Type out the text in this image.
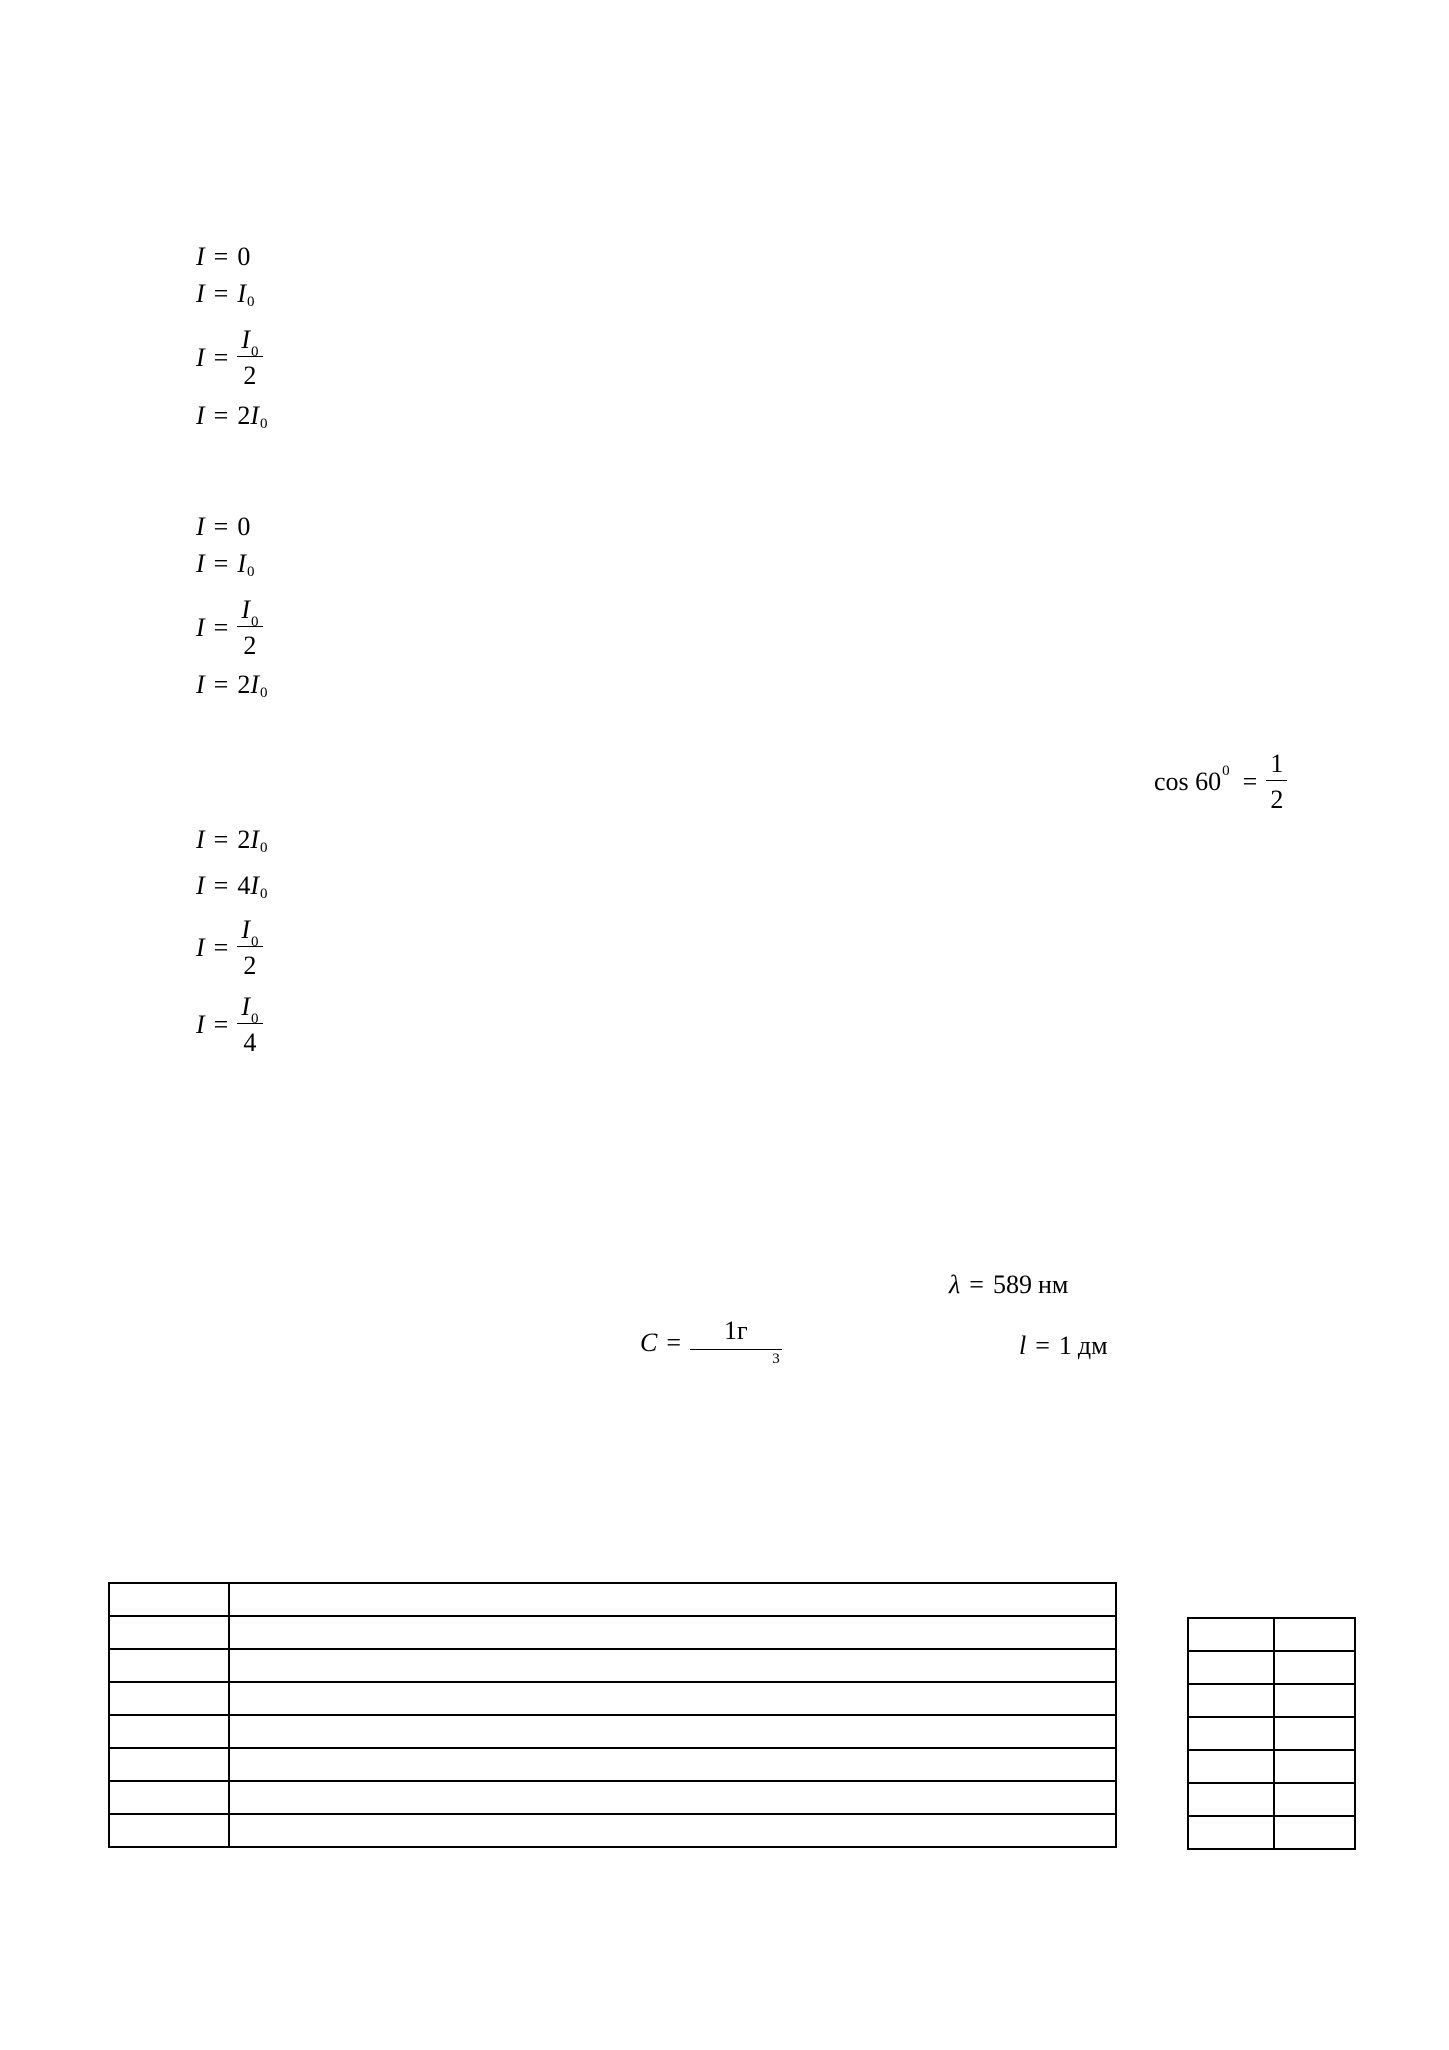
I = 0
I = I 0
$I = \frac{I_0}{2}$
I = 2 I 0
I = 0
I = I 0
$I = \frac{I_0}{2}$
I = 2 I 0
cos 60 $0 = \frac{1}{2}$
I = 2 I 0
I = 4 I 0
$I = \frac{I_0}{2}$
$I = \frac{I_0}{4}$
λ = 589 нм
$C = \frac{1г}{3}$	l = 1 дм
